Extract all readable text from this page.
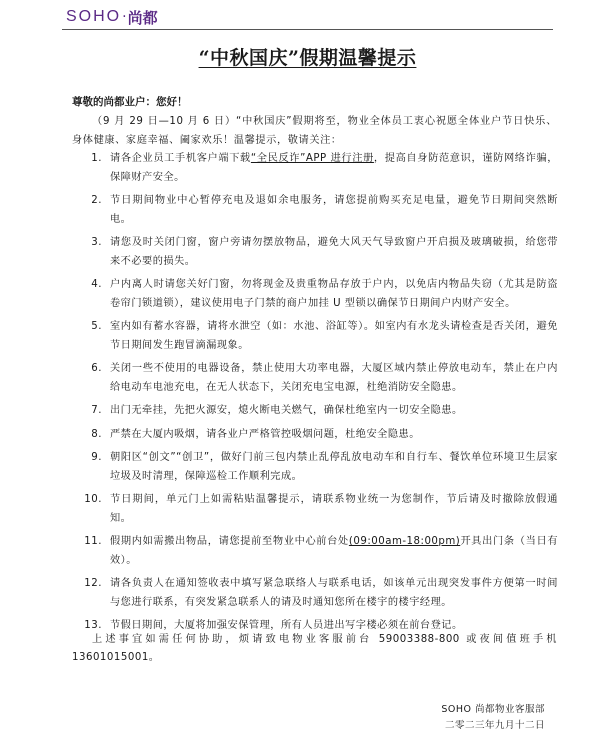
SOHO · 尚都
“中秋国庆”假期温馨提示
尊敬的尚都业户：您好！
（9 月 29 日—10 月 6 日）“中秋国庆”假期将至，物业全体员工衷心祝愿全体业户节日快乐、身体健康、家庭幸福、阖家欢乐！温馨提示，敬请关注：
1. 请各企业员工手机客户端下载“全民反诈”APP 进行注册，提高自身防范意识，谨防网络诈骗，保障财产安全。
2. 节日期间物业中心暂停充电及退如余电服务，请您提前购买充足电量，避免节日期间突然断电。
3. 请您及时关闭门窗，窗户旁请勿摆放物品，避免大风天气导致窗户开启损及玻璃破损，给您带来不必要的损失。
4. 户内离人时请您关好门窗，勿将现金及贵重物品存放于户内，以免店内物品失窃（尤其是防盗卷帘门锁道锁），建议使用电子门禁的商户加挂 U 型锁以确保节日期间户内财产安全。
5. 室内如有蓄水容器，请将水泄空（如：水池、浴缸等）。如室内有水龙头请检查是否关闭，避免节日期间发生跑冒滴漏现象。
6. 关闭一些不使用的电器设备，禁止使用大功率电器，大厦区域内禁止停放电动车，禁止在户内给电动车电池充电，在无人状态下，关闭充电宝电源，杜绝消防安全隐患。
7. 出门无牵挂，先把火源安，熄火断电关燃气，确保杜绝室内一切安全隐患。
8. 严禁在大厦内吸烟，请各业户严格管控吸烟问题，杜绝安全隐患。
9. 朝阳区“创文”“创卫”，做好门前三包内禁止乱停乱放电动车和自行车、餐饮单位环境卫生层家垃圾及时清理，保障巡检工作顺利完成。
10. 节日期间，单元门上如需粘贴温馨提示，请联系物业统一为您制作，节后请及时撤除放假通知。
11. 假期内如需搬出物品，请您提前至物业中心前台处(09:00am-18:00pm)开具出门条（当日有效）。
12. 请各负责人在通知签收表中填写紧急联络人与联系电话，如该单元出现突发事件方便第一时间与您进行联系，有突发紧急联系人的请及时通知您所在楼宇的楼宇经理。
13. 节假日期间，大厦将加强安保管理，所有人员进出写字楼必须在前台登记。
上述事宜如需任何协助，烦请致电物业客服前台 59003388-800 或夜间值班手机 13601015001。
SOHO 尚都物业客服部
二零二三年九月十二日
